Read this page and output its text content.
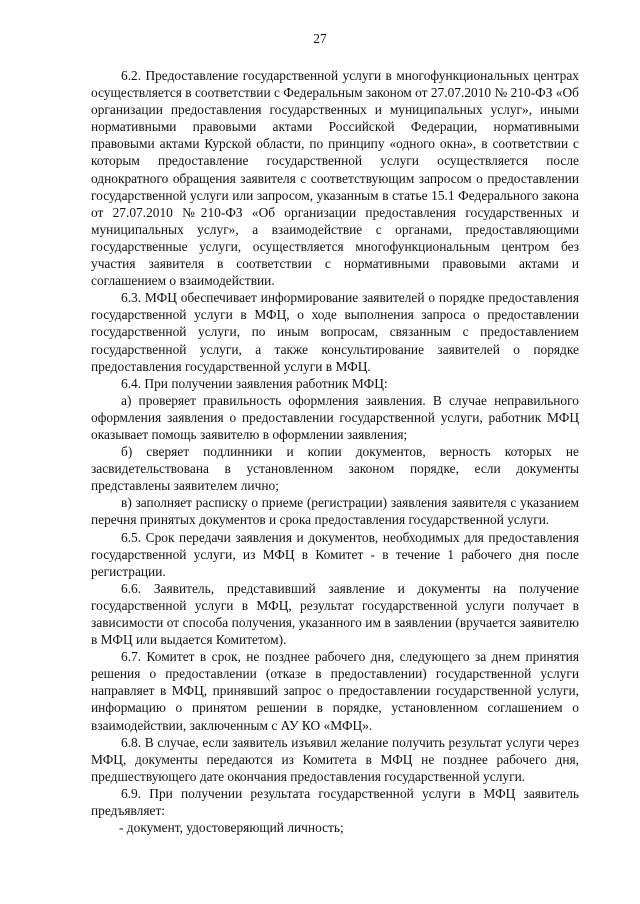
27

6.2. Предоставление государственной услуги в многофункциональных центрах осуществляется в соответствии с Федеральным законом от 27.07.2010 № 210-ФЗ «Об организации предоставления государственных и муниципальных услуг», иными нормативными правовыми актами Российской Федерации, нормативными правовыми актами Курской области, по принципу «одного окна», в соответствии с которым предоставление государственной услуги осуществляется после однократного обращения заявителя с соответствующим запросом о предоставлении государственной услуги или запросом, указанным в статье 15.1 Федерального закона от 27.07.2010 №210-ФЗ «Об организации предоставления государственных и муниципальных услуг», а взаимодействие с органами, предоставляющими государственные услуги, осуществляется многофункциональным центром без участия заявителя в соответствии с нормативными правовыми актами и соглашением о взаимодействии.

6.3. МФЦ обеспечивает информирование заявителей о порядке предоставления государственной услуги в МФЦ, о ходе выполнения запроса о предоставлении государственной услуги, по иным вопросам, связанным с предоставлением государственной услуги, а также консультирование заявителей о порядке предоставления государственной услуги в МФЦ.

6.4. При получении заявления работник МФЦ:

а) проверяет правильность оформления заявления. В случае неправильного оформления заявления о предоставлении государственной услуги, работник МФЦ оказывает помощь заявителю в оформлении заявления;

б) сверяет подлинники и копии документов, верность которых не засвидетельствована в установленном законом порядке, если документы представлены заявителем лично;

в) заполняет расписку о приеме (регистрации) заявления заявителя с указанием перечня принятых документов и срока предоставления государственной услуги.

6.5. Срок передачи заявления и документов, необходимых для предоставления государственной услуги, из МФЦ в Комитет - в течение 1 рабочего дня после регистрации.

6.6. Заявитель, представивший заявление и документы на получение государственной услуги в МФЦ, результат государственной услуги получает в зависимости от способа получения, указанного им в заявлении (вручается заявителю в МФЦ или выдается Комитетом).

6.7. Комитет в срок, не позднее рабочего дня, следующего за днем принятия решения о предоставлении (отказе в предоставлении) государственной услуги направляет в МФЦ, принявший запрос о предоставлении государственной услуги, информацию о принятом решении в порядке, установленном соглашением о взаимодействии, заключенным с АУ КО «МФЦ».

6.8. В случае, если заявитель изъявил желание получить результат услуги через МФЦ, документы передаются из Комитета в МФЦ не позднее рабочего дня, предшествующего дате окончания предоставления государственной услуги.

6.9. При получении результата государственной услуги в МФЦ заявитель предъявляет:

- документ, удостоверяющий личность;
